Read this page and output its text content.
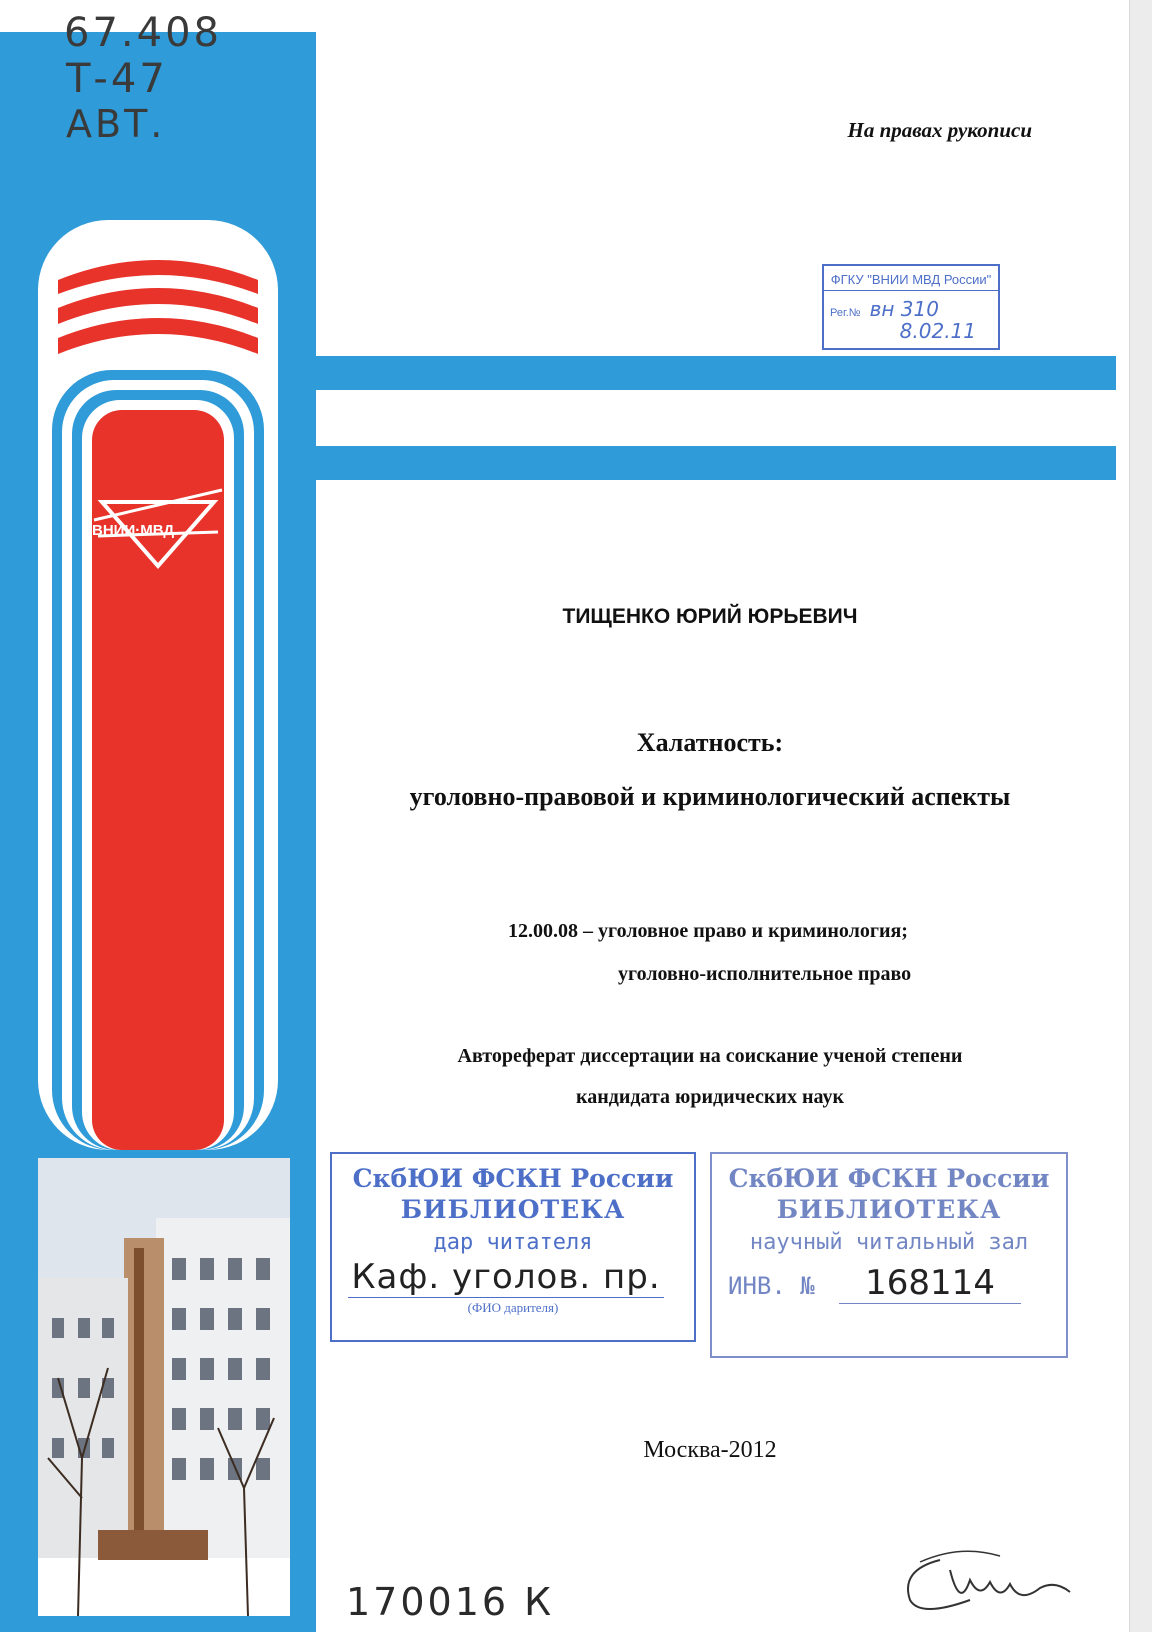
ВНИИ·МВД
67.408
Т-47
АВТ.	На правах рукописи
ФГКУ "ВНИИ МВД России"
Рег.№ вн 310
8.02.11
ТИЩЕНКО ЮРИЙ ЮРЬЕВИЧ
Халатность:
уголовно-правовой и криминологический аспекты
12.00.08 – уголовное право и криминология;
уголовно-исполнительное право
Автореферат диссертации на соискание ученой степени
кандидата юридических наук
СкбЮИ ФСКН России
БИБЛИОТЕКА
дар читателя
Каф. уголов. пр.
(ФИО дарителя)
СкбЮИ ФСКН России
БИБЛИОТЕКА
научный читальный зал
ИНВ. № 168114
Москва-2012
170016 К
